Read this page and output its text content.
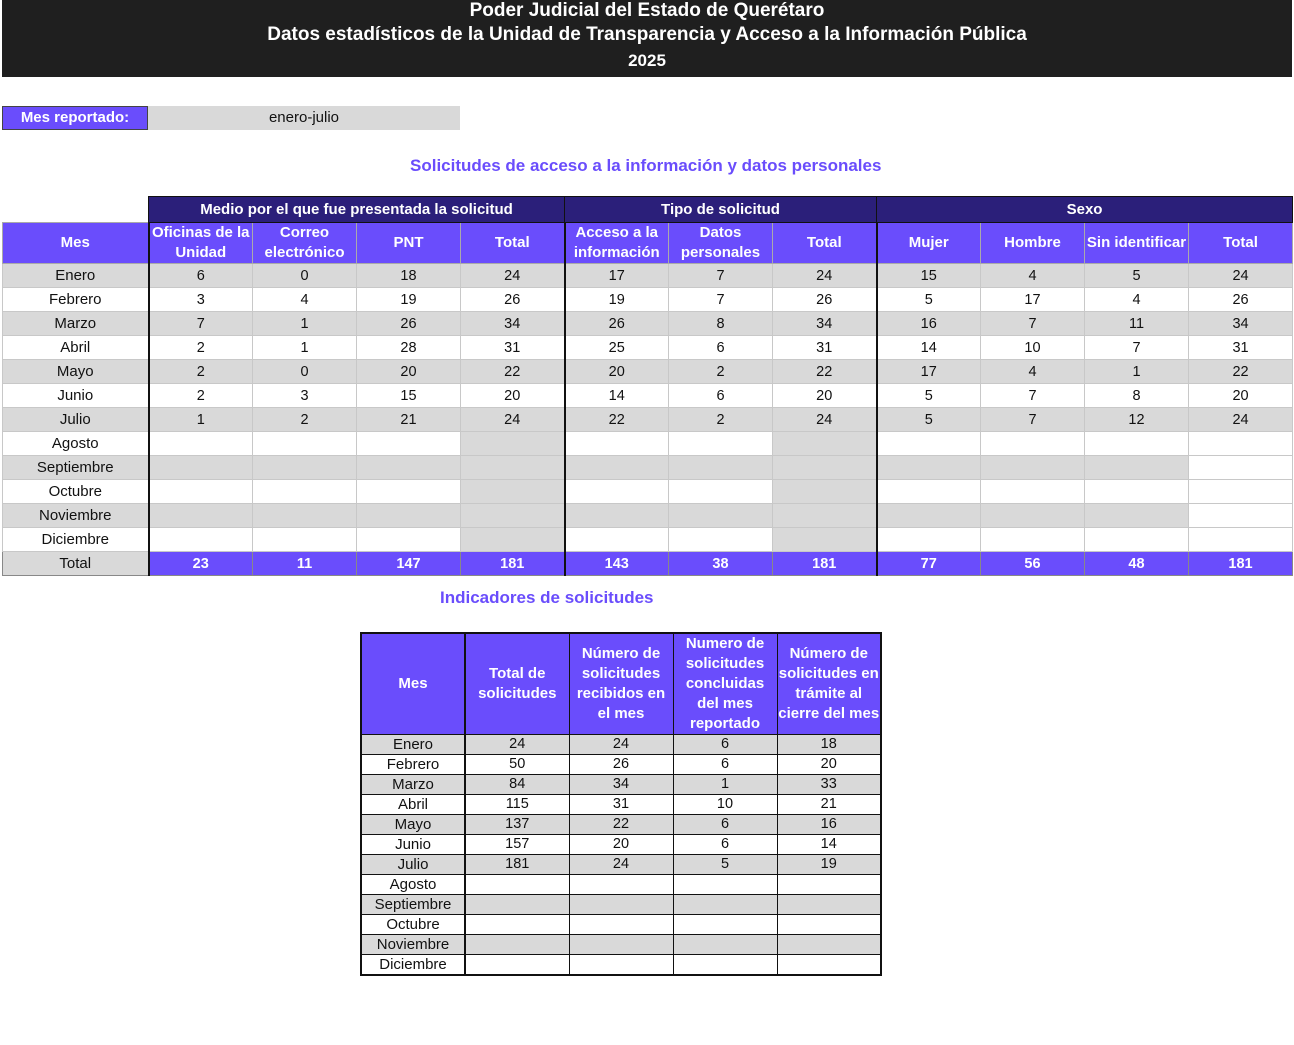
Poder Judicial del Estado de Querétaro
Datos estadísticos de la Unidad de Transparencia y Acceso a la Información Pública
2025
Mes reportado:	enero-julio
Solicitudes de acceso a la información y datos personales
	Medio por el que fue presentada la solicitud				Tipo de solicitud			Sexo			
Mes	Oficinas de la Unidad	Correo electrónico	PNT	Total	Acceso a la información	Datos personales	Total	Mujer	Hombre	Sin identificar	Total
Enero	6	0	18	24	17	7	24	15	4	5	24
Febrero	3	4	19	26	19	7	26	5	17	4	26
Marzo	7	1	26	34	26	8	34	16	7	11	34
Abril	2	1	28	31	25	6	31	14	10	7	31
Mayo	2	0	20	22	20	2	22	17	4	1	22
Junio	2	3	15	20	14	6	20	5	7	8	20
Julio	1	2	21	24	22	2	24	5	7	12	24
Agosto											
Septiembre											
Octubre											
Noviembre											
Diciembre											
Total	23	11	147	181	143	38	181	77	56	48	181
Indicadores de solicitudes
Mes	Total de solicitudes	Número de solicitudes recibidos en el mes	Numero de solicitudes concluidas del mes reportado	Número de solicitudes en trámite al cierre del mes
Enero	24	24	6	18
Febrero	50	26	6	20
Marzo	84	34	1	33
Abril	115	31	10	21
Mayo	137	22	6	16
Junio	157	20	6	14
Julio	181	24	5	19
Agosto				
Septiembre				
Octubre				
Noviembre				
Diciembre				
